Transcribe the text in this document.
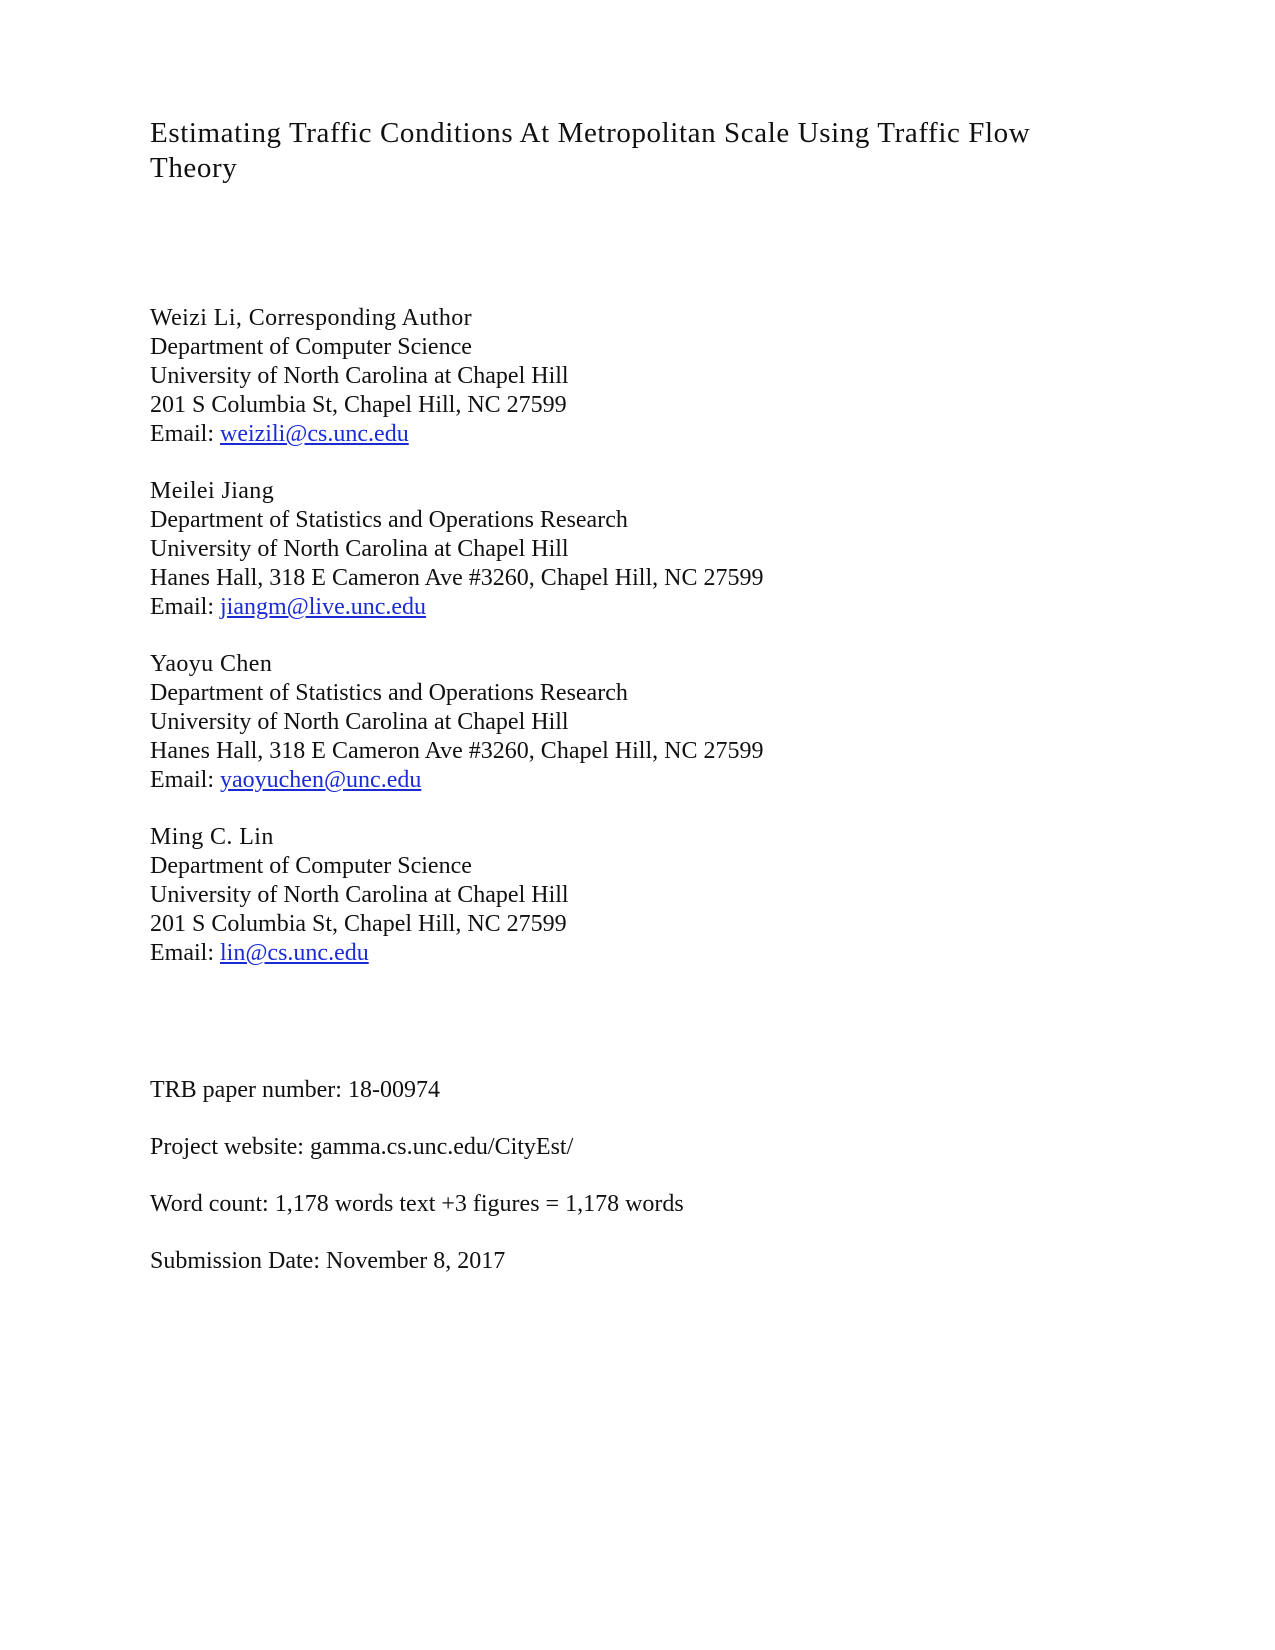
Estimating Traffic Conditions At Metropolitan Scale Using Traffic Flow Theory
Weizi Li, Corresponding Author
Department of Computer Science
University of North Carolina at Chapel Hill
201 S Columbia St, Chapel Hill, NC 27599
Email: weizili@cs.unc.edu
Meilei Jiang
Department of Statistics and Operations Research
University of North Carolina at Chapel Hill
Hanes Hall, 318 E Cameron Ave #3260, Chapel Hill, NC 27599
Email: jiangm@live.unc.edu
Yaoyu Chen
Department of Statistics and Operations Research
University of North Carolina at Chapel Hill
Hanes Hall, 318 E Cameron Ave #3260, Chapel Hill, NC 27599
Email: yaoyuchen@unc.edu
Ming C. Lin
Department of Computer Science
University of North Carolina at Chapel Hill
201 S Columbia St, Chapel Hill, NC 27599
Email: lin@cs.unc.edu
TRB paper number: 18-00974
Project website: gamma.cs.unc.edu/CityEst/
Word count: 1,178 words text +3 figures = 1,178 words
Submission Date: November 8, 2017
